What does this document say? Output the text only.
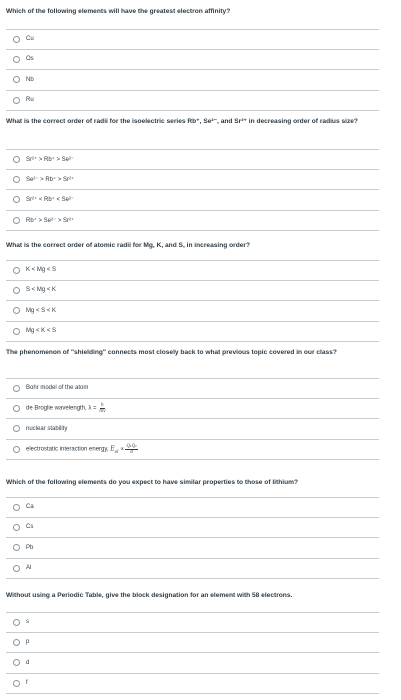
Which of the following elements will have the greatest electron affinity?
Cu
Os
Nb
Ru
What is the correct order of radii for the isoelectric series Rb⁺, Se²⁻, and Sr²⁺ in decreasing order of radius size?
Sr²⁺ > Rb⁺ > Se²⁻
Se²⁻ > Rb⁺ > Sr²⁺
Sr²⁺ < Rb⁺ < Se²⁻
Rb⁺ > Se²⁻ > Sr²⁺
What is the correct order of atomic radii for Mg, K, and S, in increasing order?
K < Mg < S
S < Mg < K
Mg < S < K
Mg < K < S
The phenomenon of "shielding" connects most closely back to what previous topic covered in our class?
Bohr model of the atom
de Broglie wavelength, $\lambda = \frac{h}{mv}$
nuclear stability
electrostatic interaction energy, $E_{el} \propto \frac{\text{Q₁Q₂}}{d}$
Which of the following elements do you expect to have similar properties to those of lithium?
Ca
Cs
Pb
Al
Without using a Periodic Table, give the block designation for an element with 58 electrons.
s
p
d
f
